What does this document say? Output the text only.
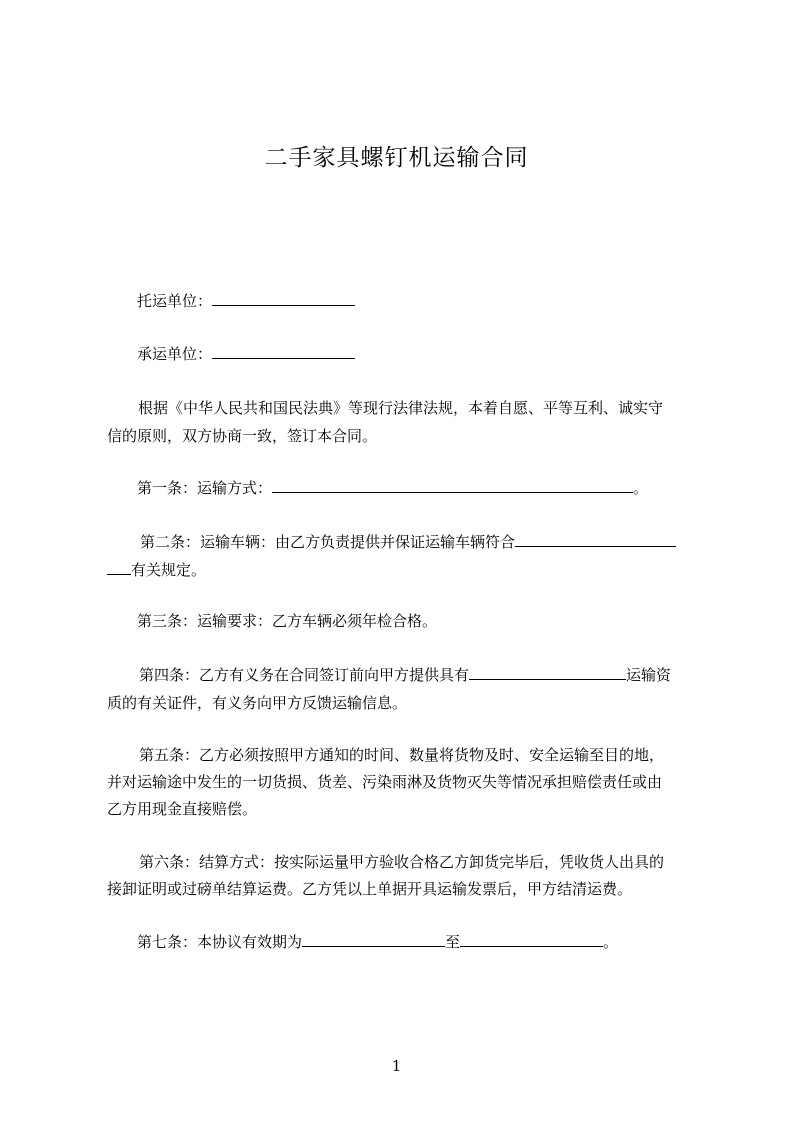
二手家具螺钉机运输合同
托运单位：
承运单位：
根据《中华人民共和国民法典》等现行法律法规，本着自愿、平等互利、诚实守
信的原则，双方协商一致，签订本合同。
第一条：运输方式：	。
第二条：运输车辆：由乙方负责提供并保证运输车辆符合
有关规定。
第三条：运输要求：乙方车辆必须年检合格。
第四条：乙方有义务在合同签订前向甲方提供具有	运输资
质的有关证件，有义务向甲方反馈运输信息。
第五条：乙方必须按照甲方通知的时间、数量将货物及时、安全运输至目的地，
并对运输途中发生的一切货损、货差、污染雨淋及货物灭失等情况承担赔偿责任或由
乙方用现金直接赔偿。
第六条：结算方式：按实际运量甲方验收合格乙方卸货完毕后，凭收货人出具的
接卸证明或过磅单结算运费。乙方凭以上单据开具运输发票后，甲方结清运费。
第七条：本协议有效期为	至	。
1
